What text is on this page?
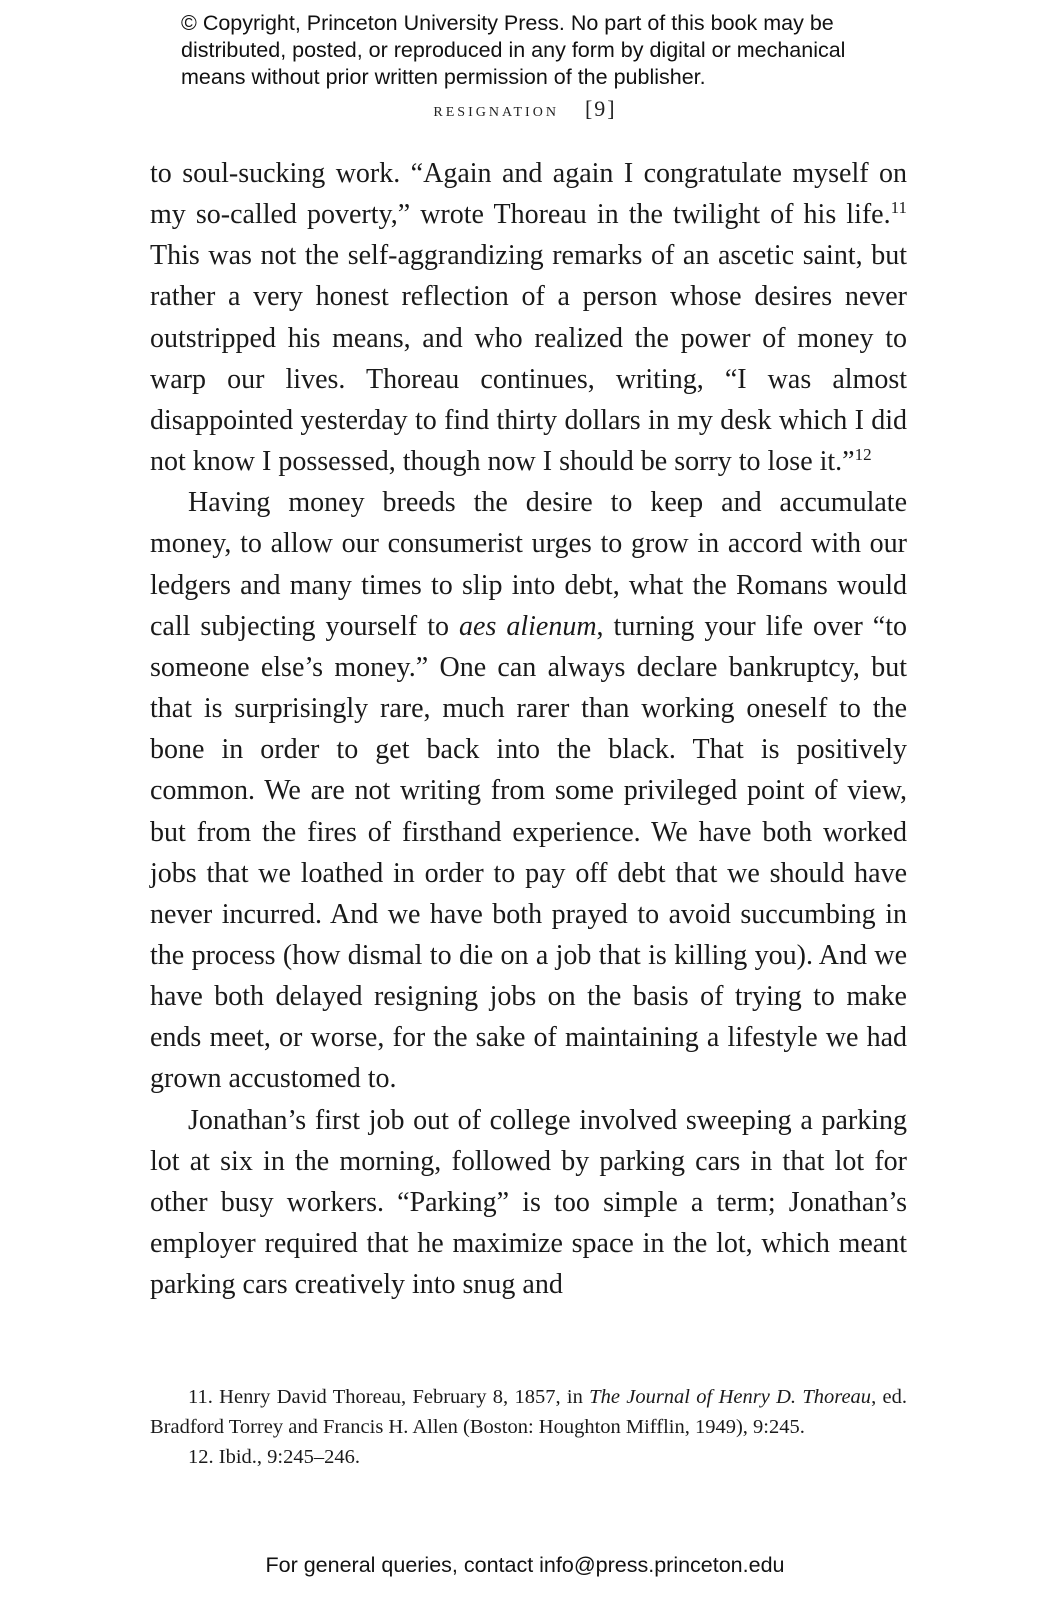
© Copyright, Princeton University Press. No part of this book may be
distributed, posted, or reproduced in any form by digital or mechanical
means without prior written permission of the publisher.
resignation [9]

to soul-sucking work. “Again and again I congratulate myself on my so-called poverty,” wrote Thoreau in the twilight of his life.$^{11}$ This was not the self-aggrandizing remarks of an ascetic saint, but rather a very honest reflection of a person whose desires never outstripped his means, and who realized the power of money to warp our lives. Thoreau continues, writing, “I was almost disappointed yesterday to find thirty dollars in my desk which I did not know I possessed, though now I should be sorry to lose it.”$^{12}$

Having money breeds the desire to keep and accumulate money, to allow our consumerist urges to grow in accord with our ledgers and many times to slip into debt, what the Romans would call subjecting yourself to aes alienum, turning your life over “to someone else’s money.” One can always declare bankruptcy, but that is surprisingly rare, much rarer than working oneself to the bone in order to get back into the black. That is positively common. We are not writing from some privileged point of view, but from the fires of firsthand experience. We have both worked jobs that we loathed in order to pay off debt that we should have never incurred. And we have both prayed to avoid succumbing in the process (how dismal to die on a job that is killing you). And we have both delayed resigning jobs on the basis of trying to make ends meet, or worse, for the sake of maintaining a lifestyle we had grown accustomed to.

Jonathan’s first job out of college involved sweeping a parking lot at six in the morning, followed by parking cars in that lot for other busy workers. “Parking” is too simple a term; Jonathan’s employer required that he maximize space in the lot, which meant parking cars creatively into snug and

11. Henry David Thoreau, February 8, 1857, in The Journal of Henry D. Thoreau, ed. Bradford Torrey and Francis H. Allen (Boston: Houghton Mifflin, 1949), 9:245.

12. Ibid., 9:245–246.

For general queries, contact info@press.princeton.edu
